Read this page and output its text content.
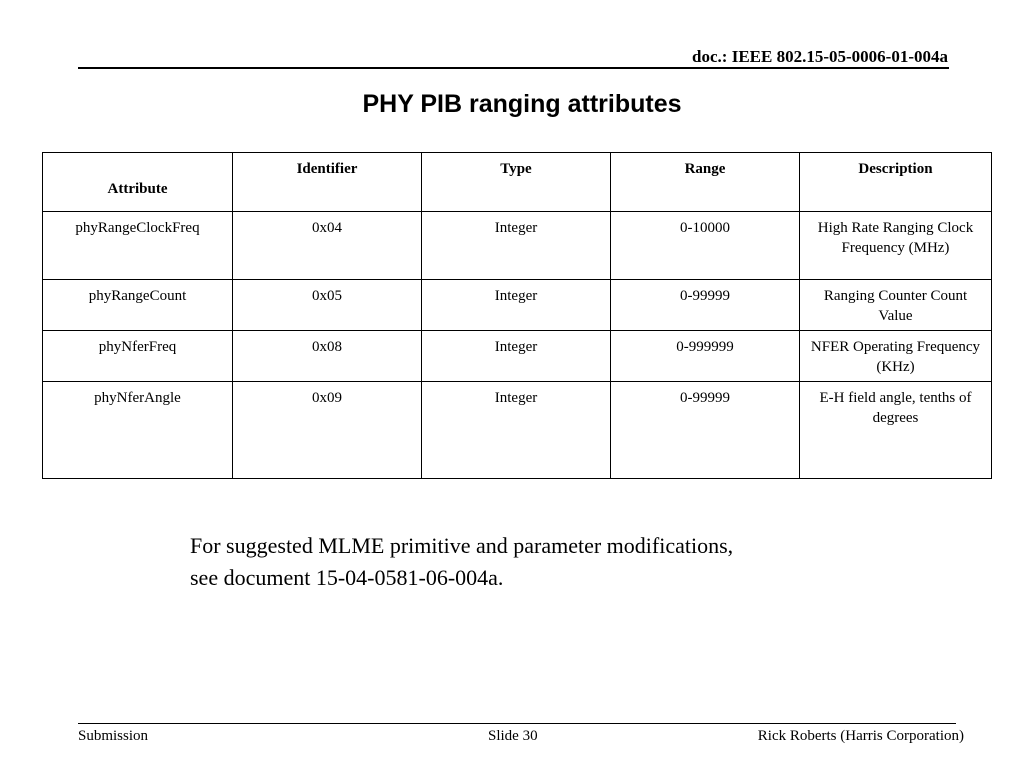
doc.: IEEE 802.15-05-0006-01-004a
PHY PIB ranging attributes
Attribute	Identifier	Type	Range	Description
phyRangeClockFreq	0x04	Integer	0-10000	High Rate Ranging Clock Frequency (MHz)
phyRangeCount	0x05	Integer	0-99999	Ranging Counter Count Value
phyNferFreq	0x08	Integer	0-999999	NFER Operating Frequency (KHz)
phyNferAngle	0x09	Integer	0-99999	E-H field angle, tenths of degrees
For suggested MLME primitive and parameter modifications,
see document 15-04-0581-06-004a.
Submission	Slide 30	Rick Roberts (Harris Corporation)
